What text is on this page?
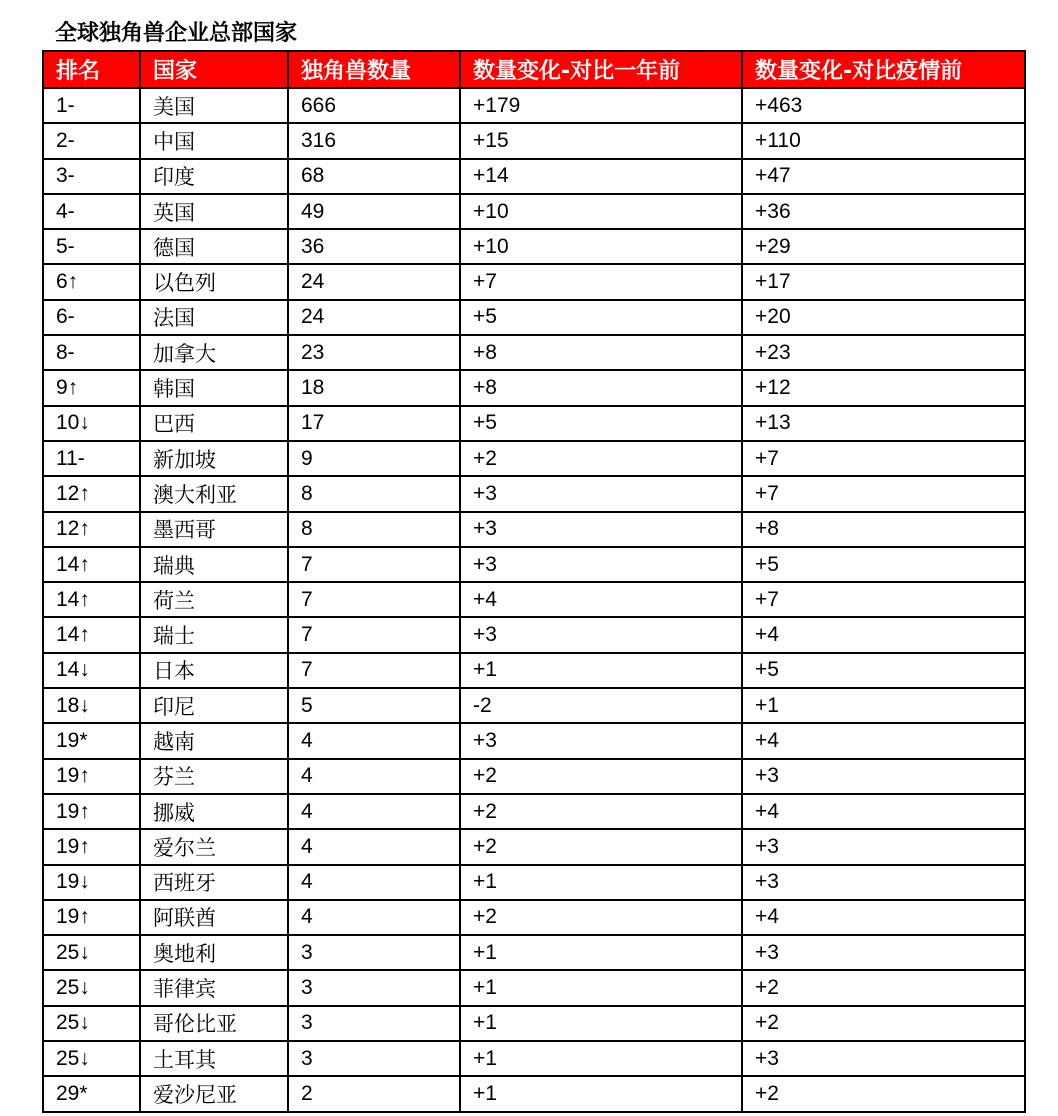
全球独角兽企业总部国家
排名	国家	独角兽数量	数量变化-对比一年前	数量变化-对比疫情前
1-	美国	666	+179	+463
2-	中国	316	+15	+110
3-	印度	68	+14	+47
4-	英国	49	+10	+36
5-	德国	36	+10	+29
6↑	以色列	24	+7	+17
6-	法国	24	+5	+20
8-	加拿大	23	+8	+23
9↑	韩国	18	+8	+12
10↓	巴西	17	+5	+13
11-	新加坡	9	+2	+7
12↑	澳大利亚	8	+3	+7
12↑	墨西哥	8	+3	+8
14↑	瑞典	7	+3	+5
14↑	荷兰	7	+4	+7
14↑	瑞士	7	+3	+4
14↓	日本	7	+1	+5
18↓	印尼	5	-2	+1
19*	越南	4	+3	+4
19↑	芬兰	4	+2	+3
19↑	挪威	4	+2	+4
19↑	爱尔兰	4	+2	+3
19↓	西班牙	4	+1	+3
19↑	阿联酋	4	+2	+4
25↓	奥地利	3	+1	+3
25↓	菲律宾	3	+1	+2
25↓	哥伦比亚	3	+1	+2
25↓	土耳其	3	+1	+3
29*	爱沙尼亚	2	+1	+2
